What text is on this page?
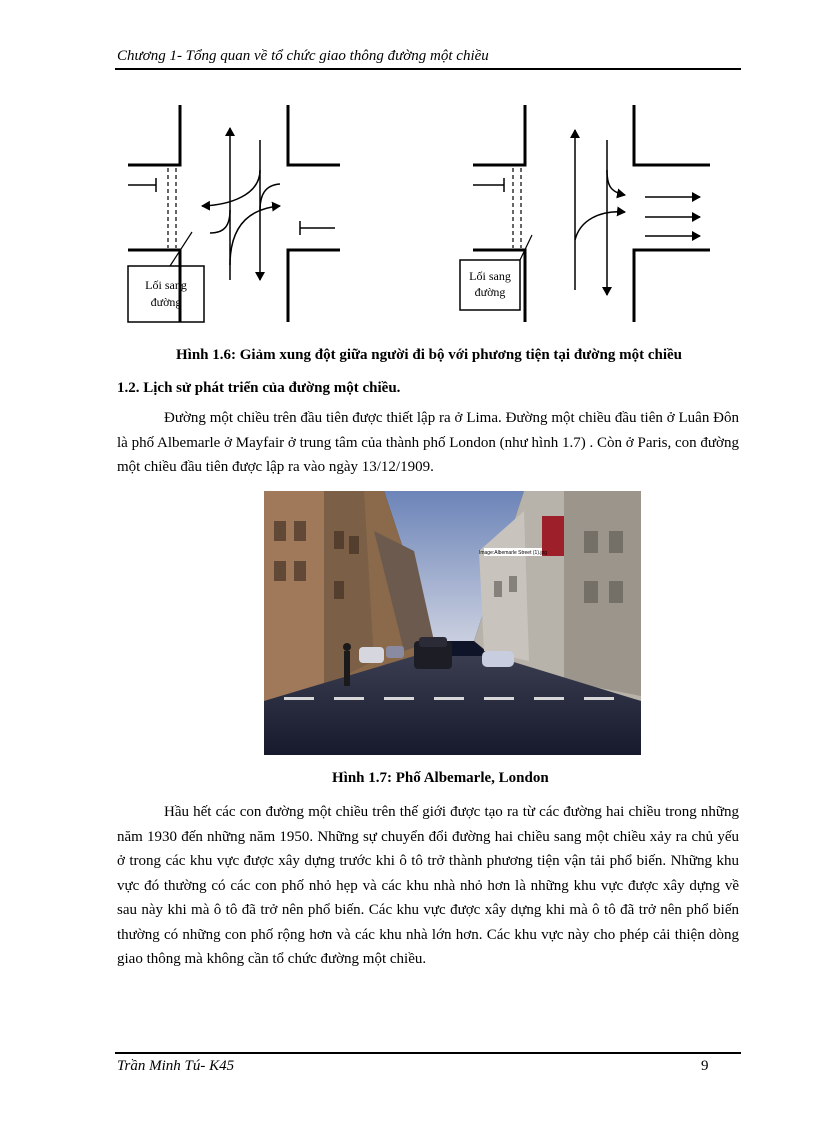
Chương 1- Tổng quan về tổ chức giao thông đường một chiều
Lối sang
đường
Lối sang
đường
Hình 1.6: Giảm xung đột giữa người đi bộ với phương tiện tại đường một chiều
1.2. Lịch sử phát triển của đường một chiều.

Đường một chiều trên đầu tiên được thiết lập ra ở Lima. Đường một chiều đầu tiên ở Luân Đôn là phố Albemarle ở Mayfair ở trung tâm của thành phố London (như hình 1.7) . Còn ở Paris, con đường một chiều đầu tiên được lập ra vào ngày 13/12/1909.

Image:Albemarle Street (1).jpg
Hình 1.7: Phố Albemarle, London

Hầu hết các con đường một chiều trên thế giới được tạo ra từ các đường hai chiều trong những năm 1930 đến những năm 1950. Những sự chuyển đổi đường hai chiều sang một chiều xảy ra chủ yếu ở trong các khu vực được xây dựng trước khi ô tô trở thành phương tiện vận tải phổ biến. Những khu vực đó thường có các con phố nhỏ hẹp và các khu nhà nhỏ hơn là những khu vực được xây dựng về sau này khi mà ô tô đã trở nên phổ biến. Các khu vực được xây dựng khi mà ô tô đã trở nên phổ biến thường có những con phố rộng hơn và các khu nhà lớn hơn. Các khu vực này cho phép cải thiện dòng giao thông mà không cần tổ chức đường một chiều.

Trần Minh Tú- K45	9
